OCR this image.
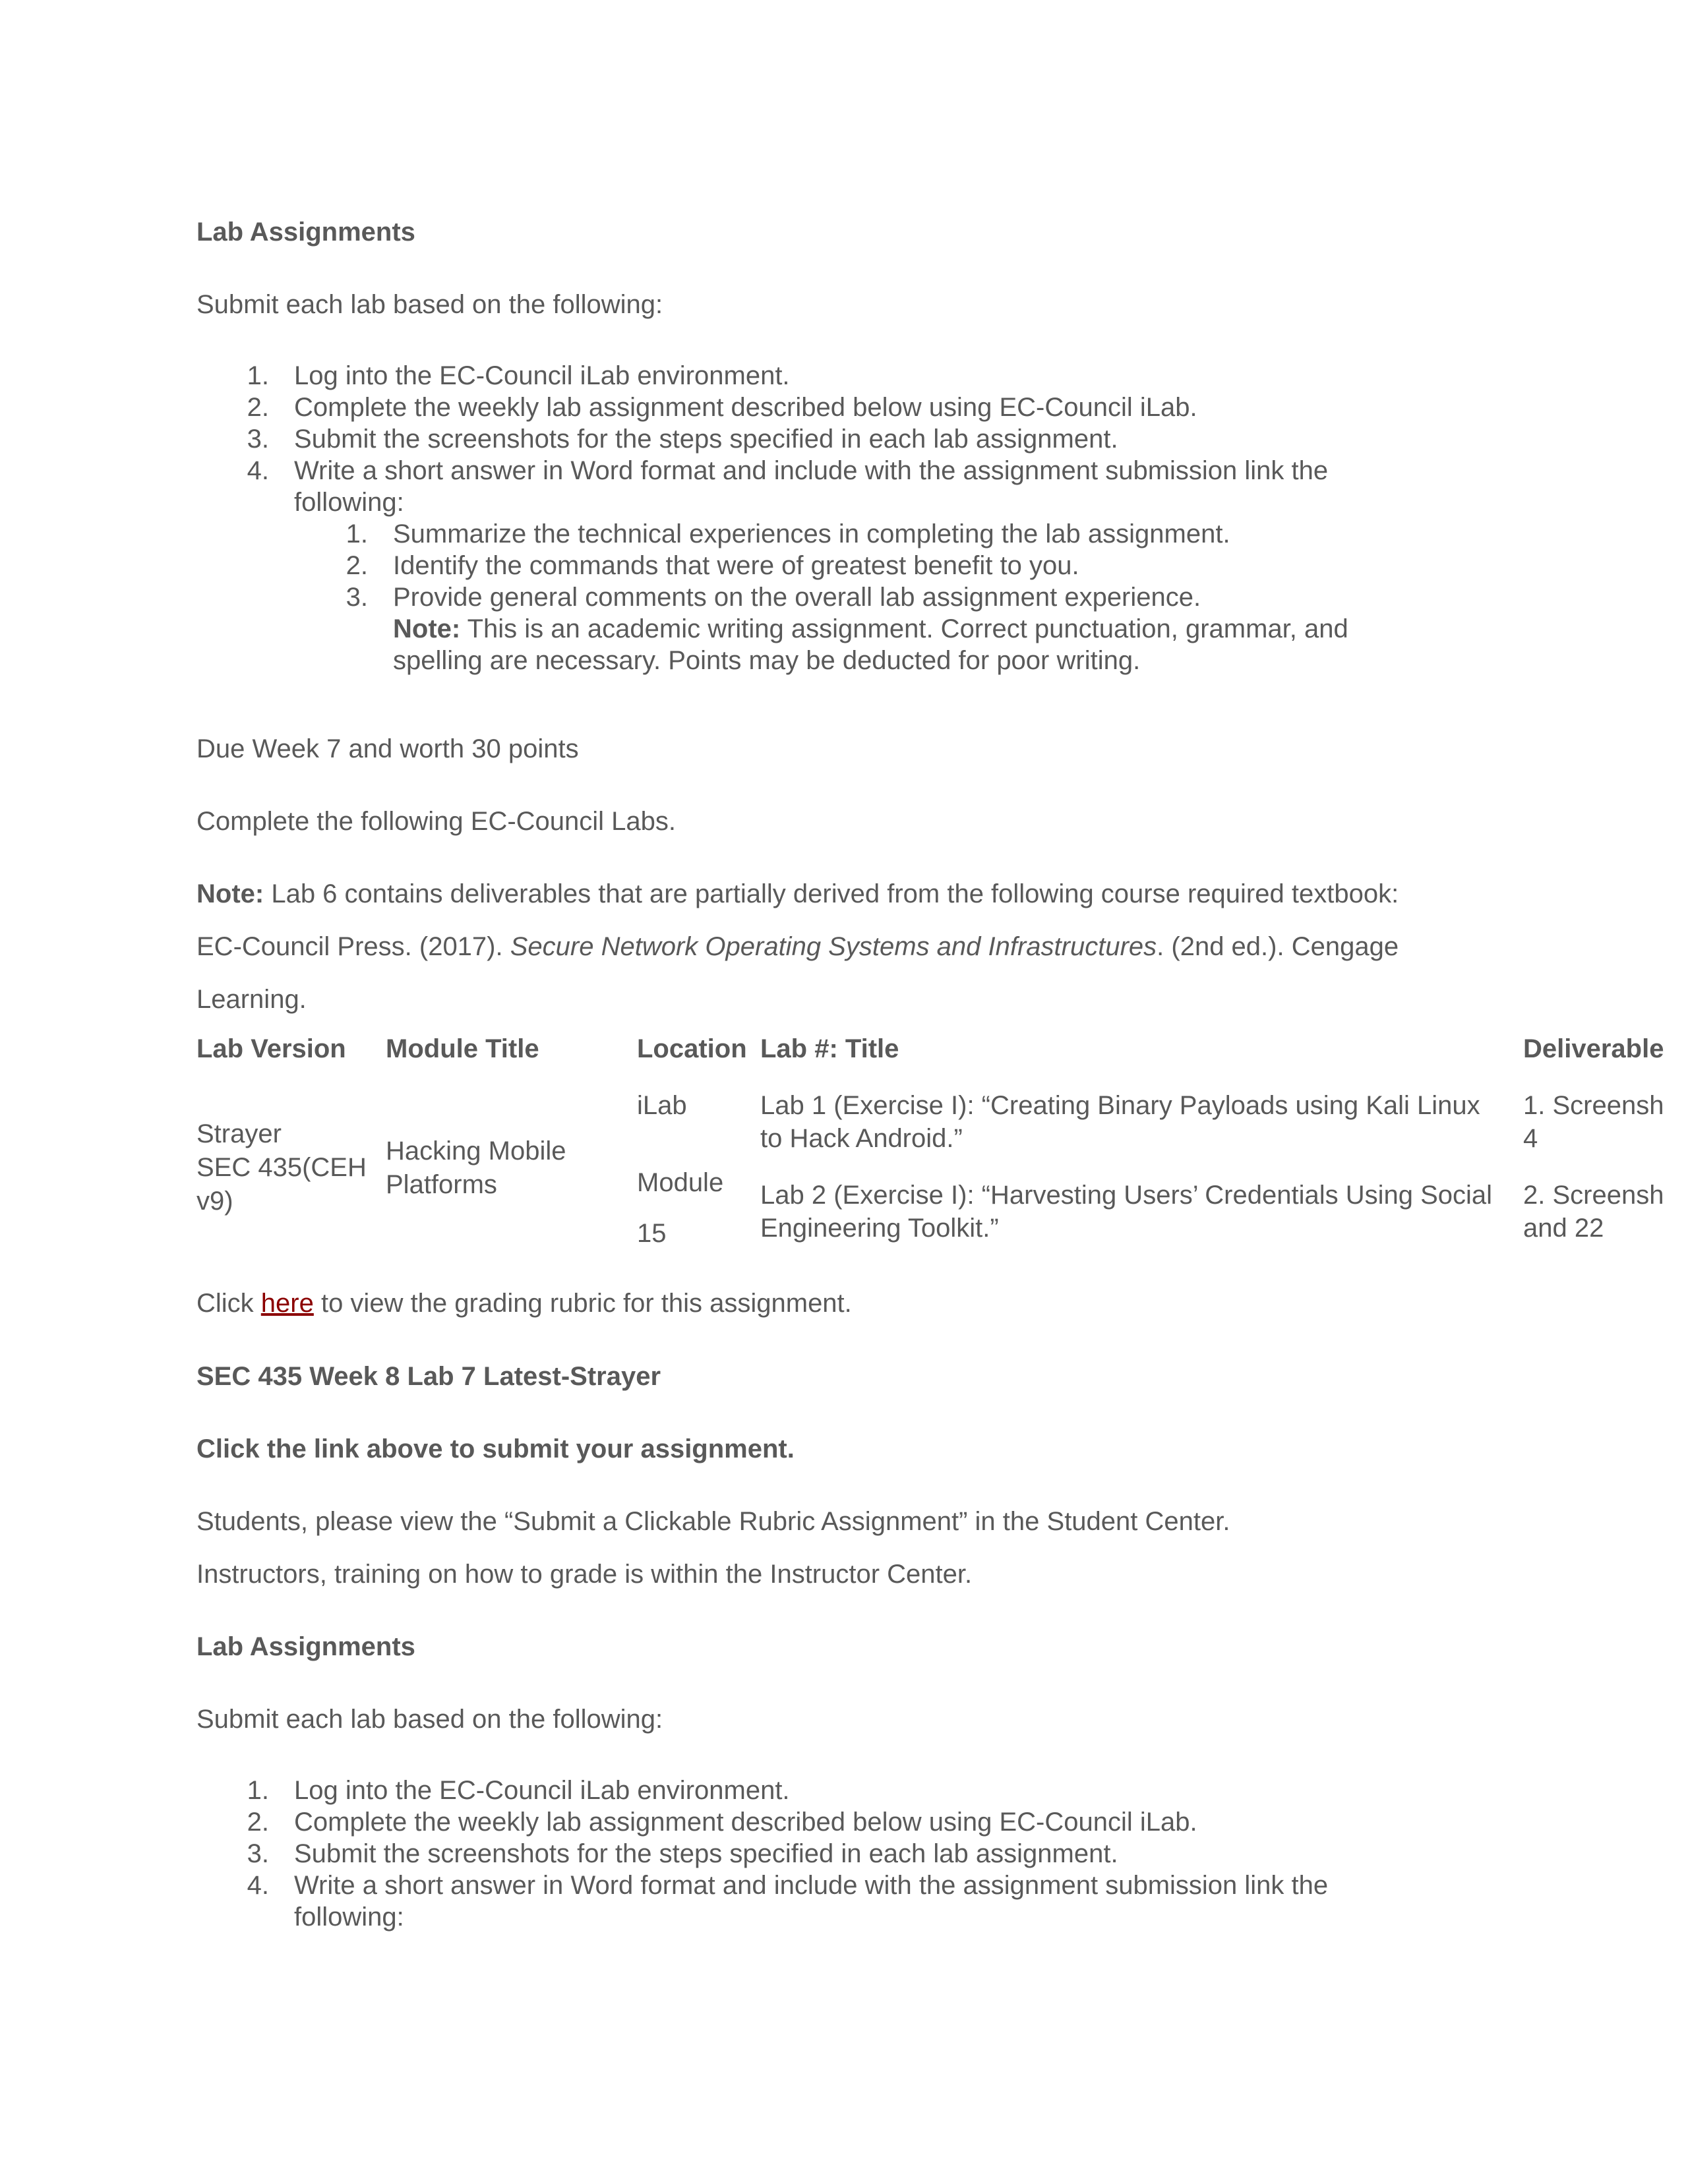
Lab Assignments
Submit each lab based on the following:
1. Log into the EC-Council iLab environment.
2. Complete the weekly lab assignment described below using EC-Council iLab.
3. Submit the screenshots for the steps specified in each lab assignment.
4. Write a short answer in Word format and include with the assignment submission link the
following:
1. Summarize the technical experiences in completing the lab assignment.
2. Identify the commands that were of greatest benefit to you.
3. Provide general comments on the overall lab assignment experience.
Note: This is an academic writing assignment. Correct punctuation, grammar, and
spelling are necessary. Points may be deducted for poor writing.
Due Week 7 and worth 30 points
Complete the following EC-Council Labs.
Note: Lab 6 contains deliverables that are partially derived from the following course required textbook:
EC-Council Press. (2017). Secure Network Operating Systems and Infrastructures. (2nd ed.). Cengage
Learning.
Lab Version Module Title	Location Lab #: Title	Deliverable
Strayer
SEC 435(CEH
v9)
Hacking Mobile
Platforms
iLab
Module
15
Lab 1 (Exercise I): “Creating Binary Payloads using Kali Linux
to Hack Android.”
Lab 2 (Exercise I): “Harvesting Users’ Credentials Using Social
Engineering Toolkit.”
1. Screensh
4
2. Screensh
and 22
Click here to view the grading rubric for this assignment.
SEC 435 Week 8 Lab 7 Latest-Strayer
Click the link above to submit your assignment.
Students, please view the “Submit a Clickable Rubric Assignment” in the Student Center.
Instructors, training on how to grade is within the Instructor Center.
Lab Assignments
Submit each lab based on the following:
1. Log into the EC-Council iLab environment.
2. Complete the weekly lab assignment described below using EC-Council iLab.
3. Submit the screenshots for the steps specified in each lab assignment.
4. Write a short answer in Word format and include with the assignment submission link the
following:
